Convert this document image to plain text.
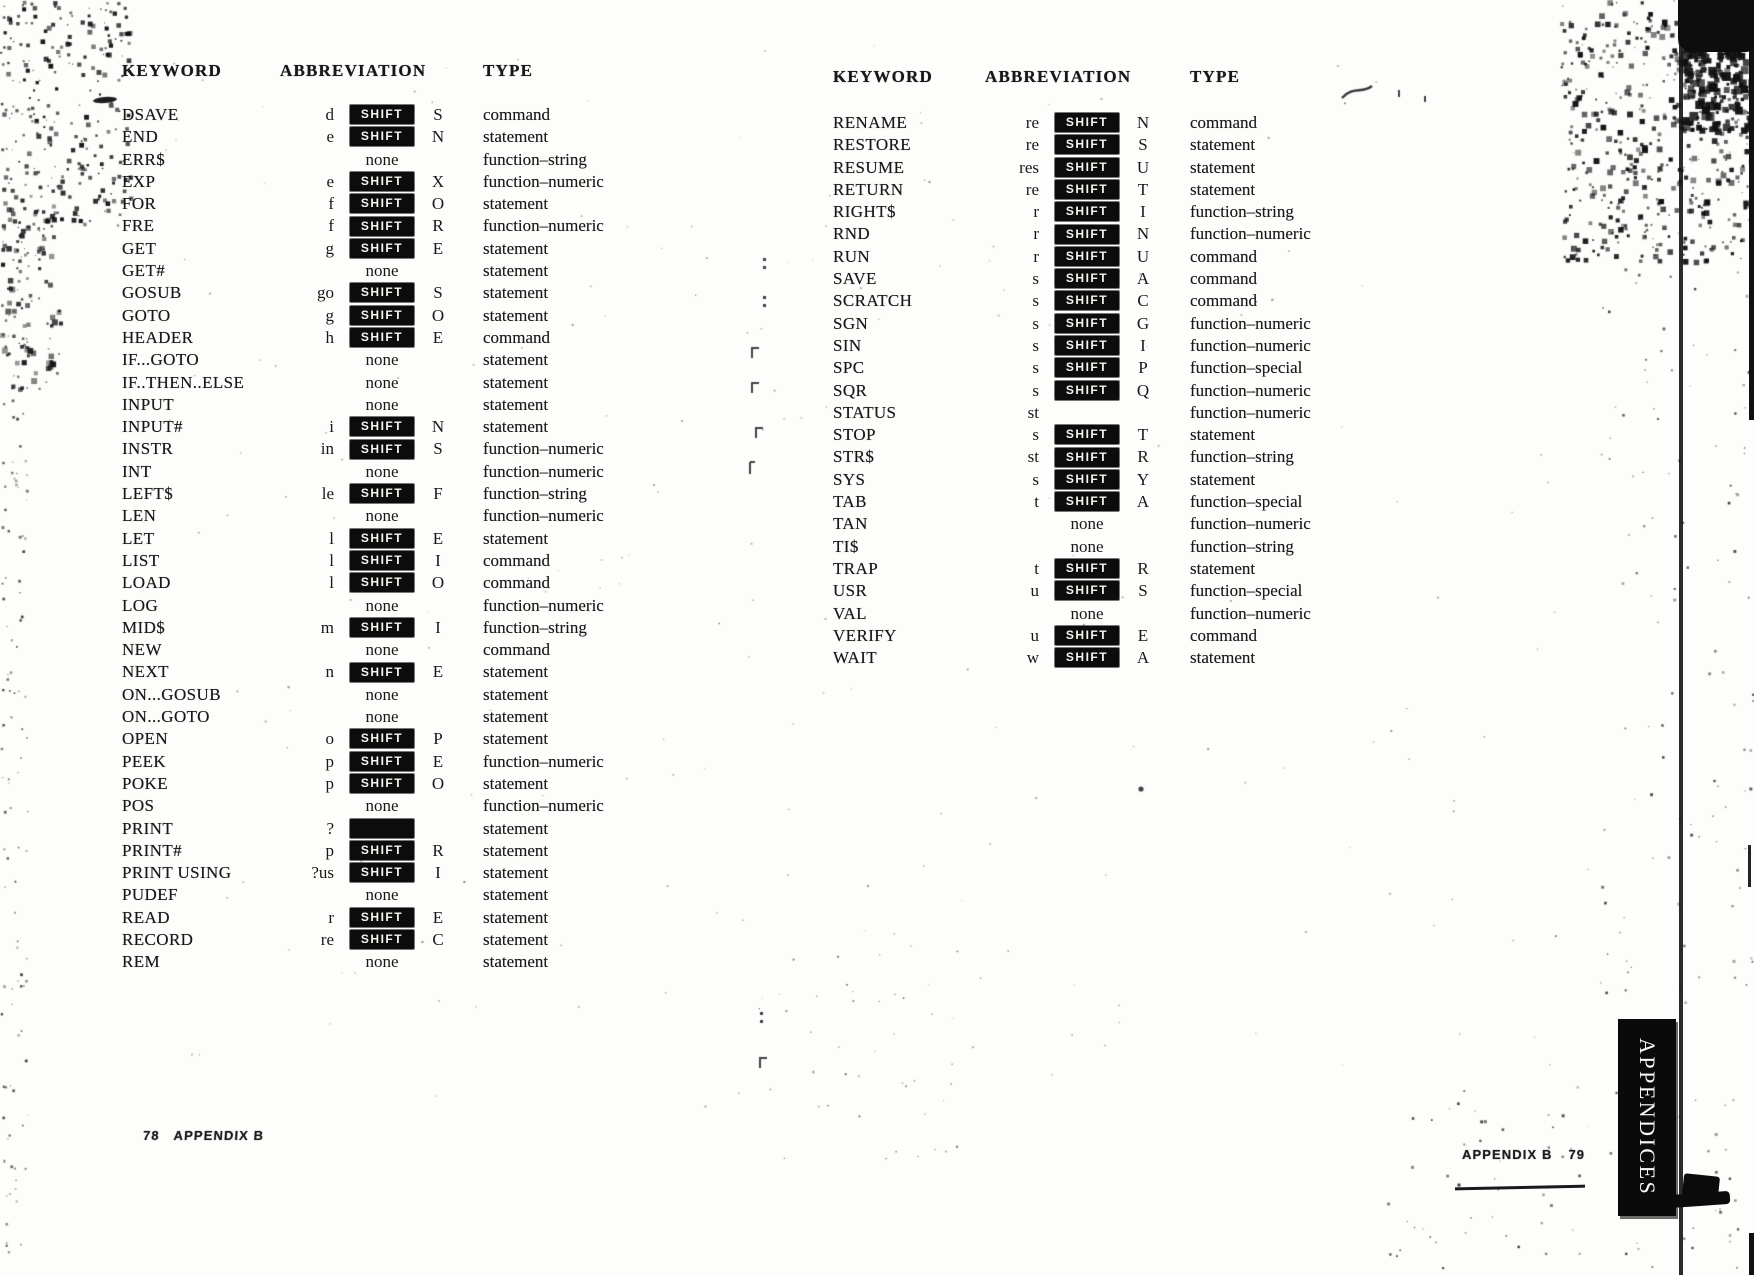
KEYWORD	ABBREVIATION	TYPE
DSAVE	d	SHIFT	S	command
END	e	SHIFT	N	statement
ERR$	none	function–string
EXP	e	SHIFT	X	function–numeric
FOR	f	SHIFT	O	statement
FRE	f	SHIFT	R	function–numeric
GET	g	SHIFT	E	statement
GET#	none	statement
GOSUB	go	SHIFT	S	statement
GOTO	g	SHIFT	O	statement
HEADER	h	SHIFT	E	command
IF...GOTO	none	statement
IF..THEN..ELSE	none	statement
INPUT	none	statement
INPUT#	i	SHIFT	N	statement
INSTR	in	SHIFT	S	function–numeric
INT	none	function–numeric
LEFT$	le	SHIFT	F	function–string
LEN	none	function–numeric
LET	l	SHIFT	E	statement
LIST	l	SHIFT	I	command
LOAD	l	SHIFT	O	command
LOG	none	function–numeric
MID$	m	SHIFT	I	function–string
NEW	none	command
NEXT	n	SHIFT	E	statement
ON...GOSUB	none	statement
ON...GOTO	none	statement
OPEN	o	SHIFT	P	statement
PEEK	p	SHIFT	E	function–numeric
POKE	p	SHIFT	O	statement
POS	none	function–numeric
PRINT	?	statement
PRINT#	p	SHIFT	R	statement
PRINT USING	?us	SHIFT	I	statement
PUDEF	none	statement
READ	r	SHIFT	E	statement
RECORD	re	SHIFT	C	statement
REM	none	statement
KEYWORD	ABBREVIATION	TYPE
RENAME	re	SHIFT	N	command
RESTORE	re	SHIFT	S	statement
RESUME	res	SHIFT	U	statement
RETURN	re	SHIFT	T	statement
RIGHT$	r	SHIFT	I	function–string
RND	r	SHIFT	N	function–numeric
RUN	r	SHIFT	U	command
SAVE	s	SHIFT	A	command
SCRATCH	s	SHIFT	C	command
SGN	s	SHIFT	G	function–numeric
SIN	s	SHIFT	I	function–numeric
SPC	s	SHIFT	P	function–special
SQR	s	SHIFT	Q	function–numeric
STATUS	st	function–numeric
STOP	s	SHIFT	T	statement
STR$	st	SHIFT	R	function–string
SYS	s	SHIFT	Y	statement
TAB	t	SHIFT	A	function–special
TAN	none	function–numeric
TI$	none	function–string
TRAP	t	SHIFT	R	statement
USR	u	SHIFT	S	function–special
VAL	none	function–numeric
VERIFY	u	SHIFT	E	command
WAIT	w	SHIFT	A	statement
78 APPENDIX B
APPENDIX B 79 APPENDICES
